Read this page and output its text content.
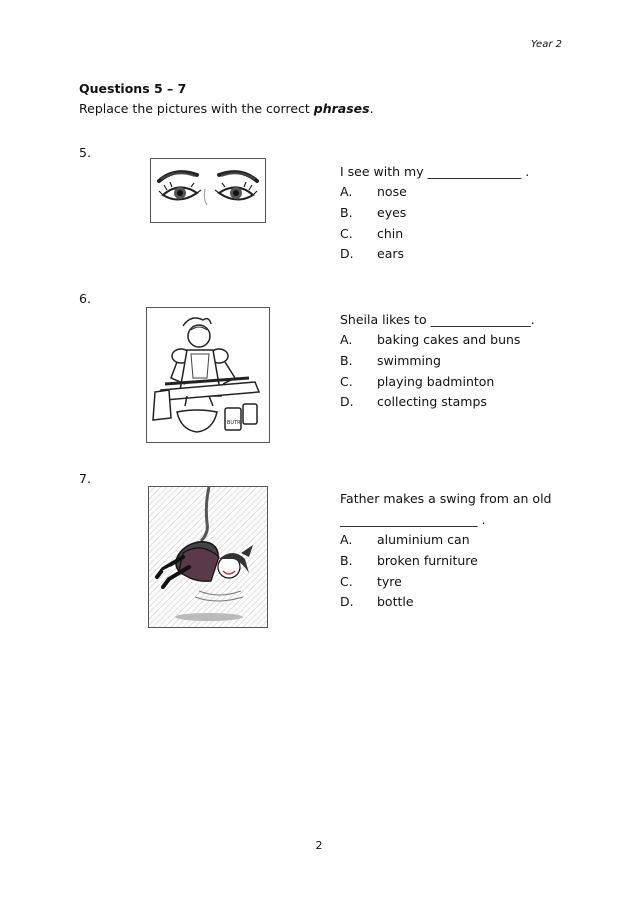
Year 2
Questions 5 – 7
Replace the pictures with the correct phrases.
5.
I see with my _______________ .
A. nose
B. eyes
C. chin
D. ears
6.
BUTR
Sheila likes to ________________.
A. baking cakes and buns
B. swimming
C. playing badminton
D. collecting stamps
7.
Father makes a swing from an old
______________________ .
A. aluminium can
B. broken furniture
C. tyre
D. bottle
2
